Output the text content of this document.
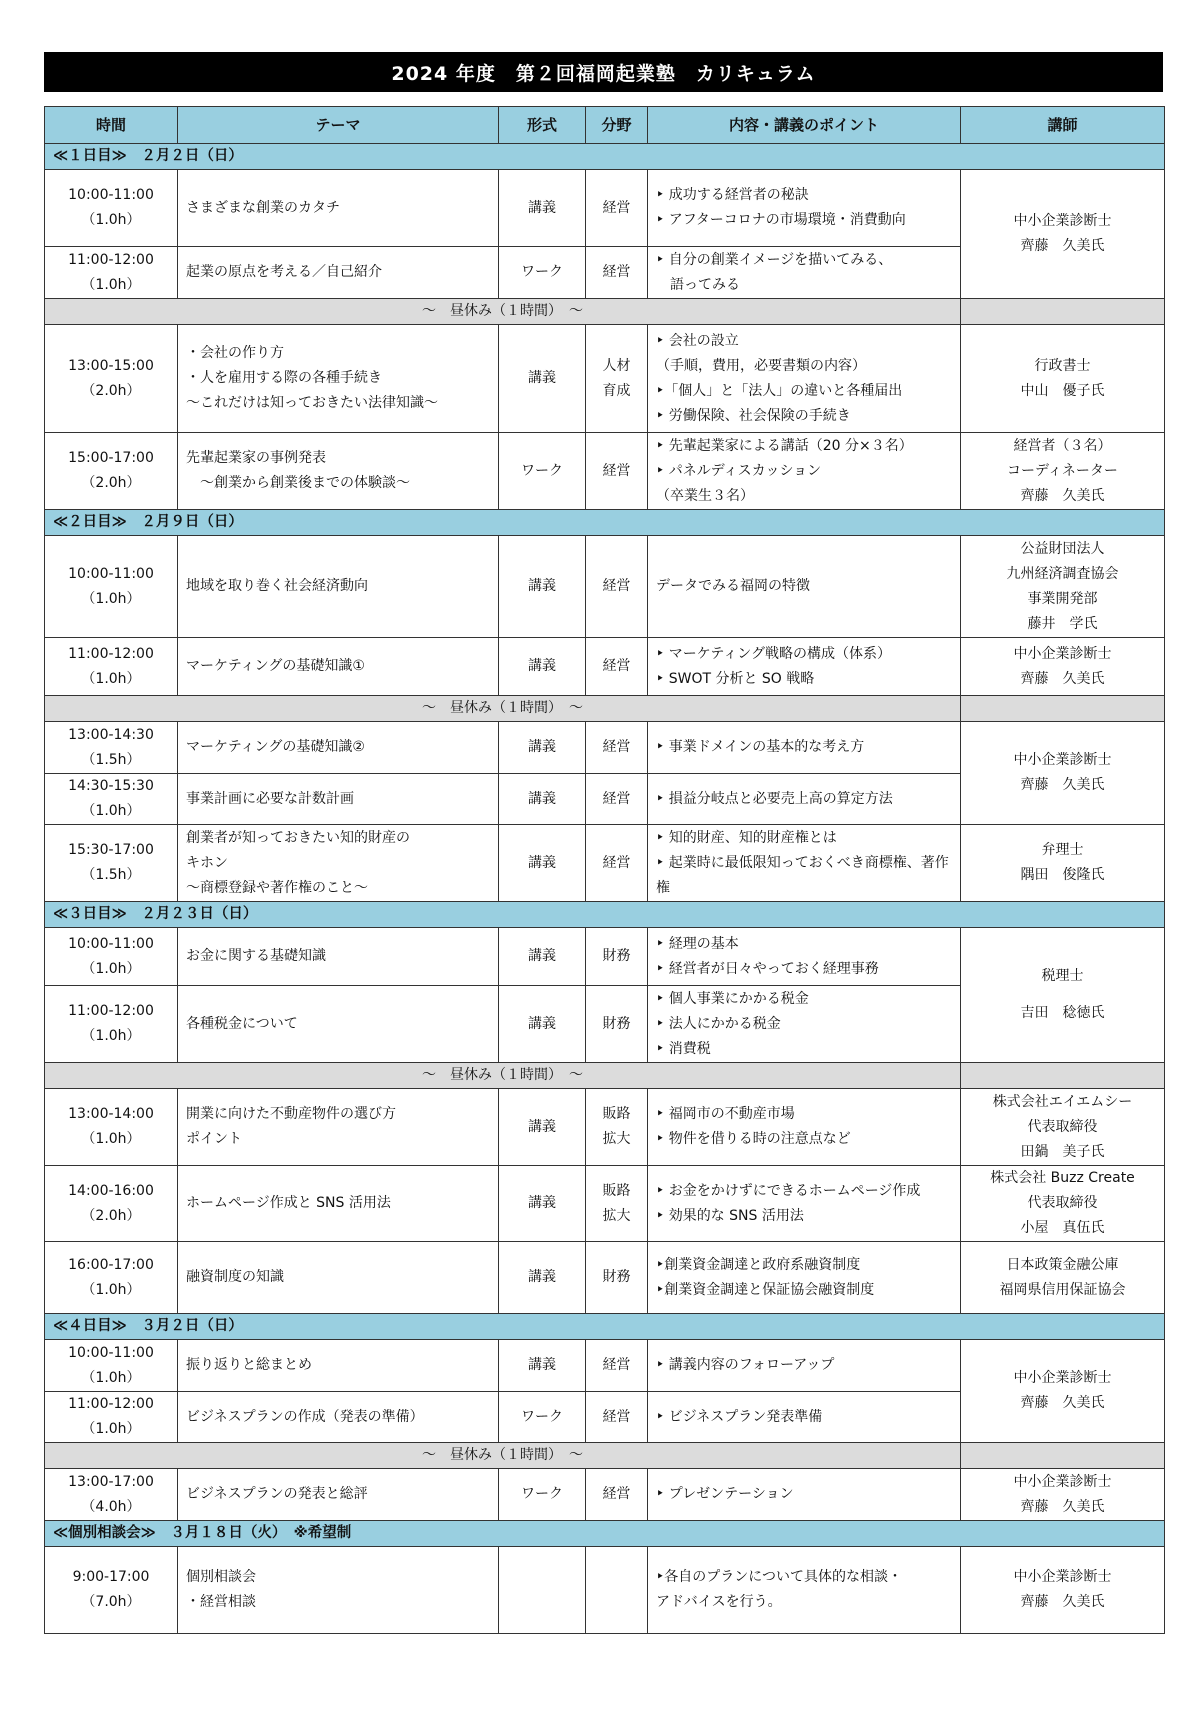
2024 年度　第２回福岡起業塾　カリキュラム
時間	テーマ	形式	分野	内容・講義のポイント	講師
≪１日目≫　２月２日（日）					

10:00-11:00
（1.0h）	さまざまな創業のカタチ	講義	経営	‣ 成功する経営者の秘訣
‣ アフターコロナの市場環境・消費動向	中小企業診断士
齊藤　久美氏

11:00-12:00
（1.0h）	起業の原点を考える／自己紹介	ワーク	経営	‣ 自分の創業イメージを描いてみる、
　語ってみる	

～　昼休み（１時間）　～					

13:00-15:00
（2.0h）	・会社の作り方
・人を雇用する際の各種手続き
～これだけは知っておきたい法律知識～	講義	人材
育成	‣ 会社の設立
（手順，費用，必要書類の内容）
‣「個人」と「法人」の違いと各種届出
‣ 労働保険、社会保険の手続き	行政書士
中山　優子氏

15:00-17:00
（2.0h）	先輩起業家の事例発表
　～創業から創業後までの体験談～	ワーク	経営	‣ 先輩起業家による講話（20 分×３名）
‣ パネルディスカッション
（卒業生３名）	経営者（３名）
コーディネーター
齊藤　久美氏

≪２日目≫　２月９日（日）					

10:00-11:00
（1.0h）	地域を取り巻く社会経済動向	講義	経営	データでみる福岡の特徴	公益財団法人
九州経済調査協会
事業開発部
藤井　学氏

11:00-12:00
（1.0h）	マーケティングの基礎知識①	講義	経営	‣ マーケティング戦略の構成（体系）
‣ SWOT 分析と SO 戦略	中小企業診断士
齊藤　久美氏

～　昼休み（１時間）　～					

13:00-14:30
（1.5h）	マーケティングの基礎知識②	講義	経営	‣ 事業ドメインの基本的な考え方	中小企業診断士
齊藤　久美氏

14:30-15:30
（1.0h）	事業計画に必要な計数計画	講義	経営	‣ 損益分岐点と必要売上高の算定方法	

15:30-17:00
（1.5h）	創業者が知っておきたい知的財産の
キホン
～商標登録や著作権のこと～	講義	経営	‣ 知的財産、知的財産権とは
‣ 起業時に最低限知っておくべき商標権、著作権	弁理士
隅田　俊隆氏

≪３日目≫　２月２３日（日）					

10:00-11:00
（1.0h）	お金に関する基礎知識	講義	財務	‣ 経理の基本
‣ 経営者が日々やっておく経理事務	税理士
吉田　稔徳氏

11:00-12:00
（1.0h）	各種税金について	講義	財務	‣ 個人事業にかかる税金
‣ 法人にかかる税金
‣ 消費税	

～　昼休み（１時間）　～					

13:00-14:00
（1.0h）	開業に向けた不動産物件の選び方
ポイント	講義	販路
拡大	‣ 福岡市の不動産市場
‣ 物件を借りる時の注意点など	株式会社エイエムシー
代表取締役
田鍋　美子氏

14:00-16:00
（2.0h）	ホームページ作成と SNS 活用法	講義	販路
拡大	‣ お金をかけずにできるホームページ作成
‣ 効果的な SNS 活用法	株式会社 Buzz Create
代表取締役
小屋　真伍氏

16:00-17:00
（1.0h）	融資制度の知識	講義	財務	‣創業資金調達と政府系融資制度
‣創業資金調達と保証協会融資制度	日本政策金融公庫
福岡県信用保証協会

≪４日目≫　３月２日（日）					

10:00-11:00
（1.0h）	振り返りと総まとめ	講義	経営	‣ 講義内容のフォローアップ	中小企業診断士
齊藤　久美氏

11:00-12:00
（1.0h）	ビジネスプランの作成（発表の準備）	ワーク	経営	‣ ビジネスプラン発表準備	

～　昼休み（１時間）　～					

13:00-17:00
（4.0h）	ビジネスプランの発表と総評	ワーク	経営	‣ プレゼンテーション	中小企業診断士
齊藤　久美氏

≪個別相談会≫　３月１８日（火）　※希望制					

9:00-17:00
（7.0h）	個別相談会
・経営相談			‣各自のプランについて具体的な相談・
アドバイスを行う。	中小企業診断士
齊藤　久美氏
